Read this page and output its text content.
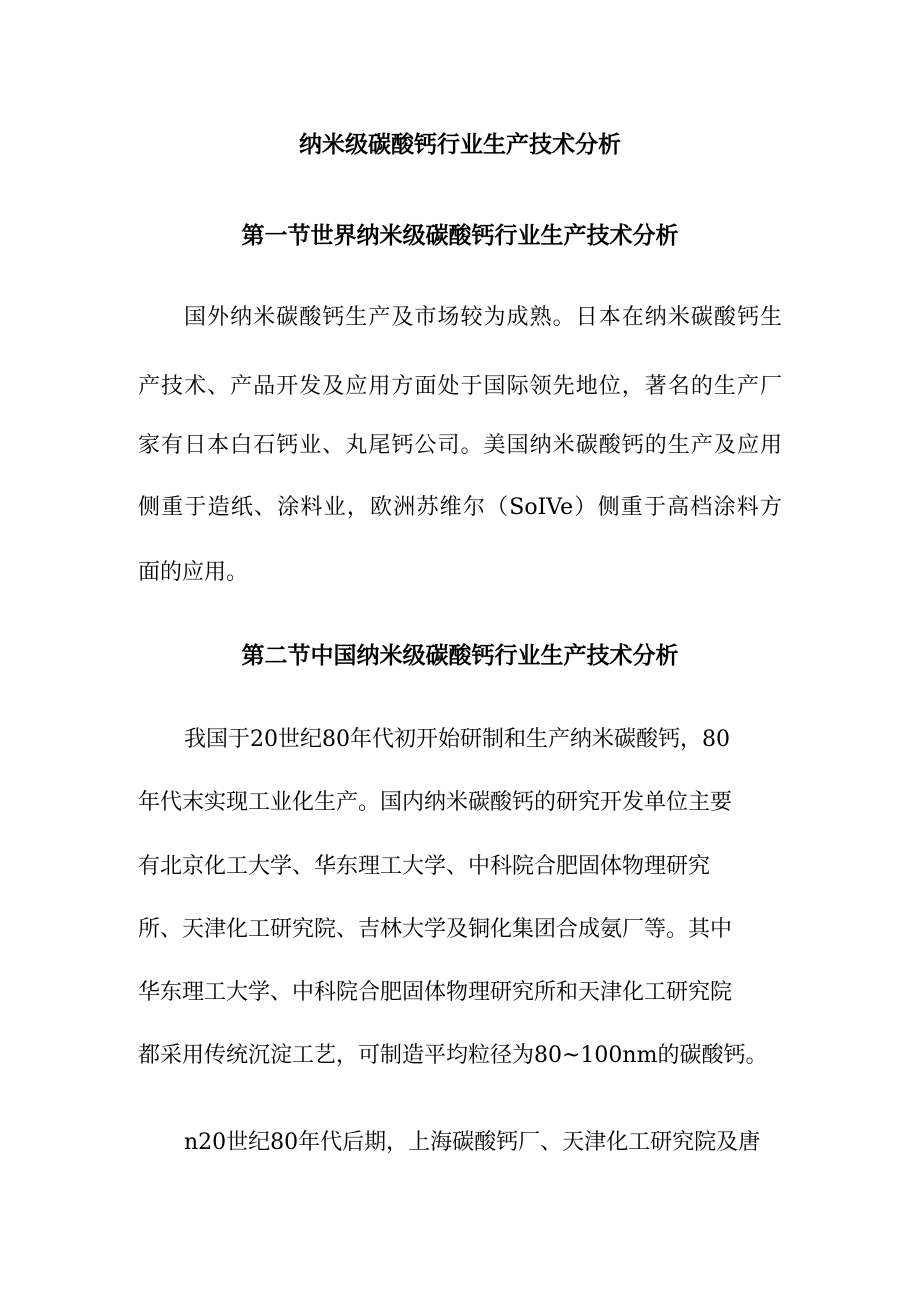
纳米级碳酸钙行业生产技术分析
第一节世界纳米级碳酸钙行业生产技术分析
国外纳米碳酸钙生产及市场较为成熟。日本在纳米碳酸钙生
产技术、产品开发及应用方面处于国际领先地位，著名的生产厂
家有日本白石钙业、丸尾钙公司。美国纳米碳酸钙的生产及应用
侧重于造纸、涂料业，欧洲苏维尔（SoIVe）侧重于高档涂料方
面的应用。
第二节中国纳米级碳酸钙行业生产技术分析
我国于20世纪80年代初开始研制和生产纳米碳酸钙，80
年代末实现工业化生产。国内纳米碳酸钙的研究开发单位主要
有北京化工大学、华东理工大学、中科院合肥固体物理研究
所、天津化工研究院、吉林大学及铜化集团合成氨厂等。其中
华东理工大学、中科院合肥固体物理研究所和天津化工研究院
都采用传统沉淀工艺，可制造平均粒径为80~100nm的碳酸钙。
n20世纪80年代后期，上海碳酸钙厂、天津化工研究院及唐
